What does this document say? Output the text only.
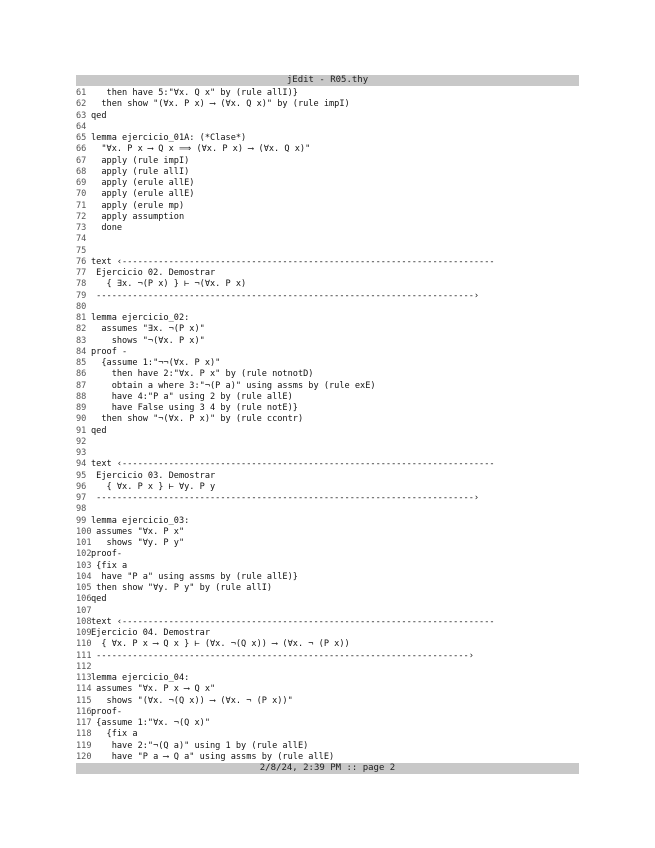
jEdit - R05.thy
61 then have 5:"∀x. Q x" by (rule allI)}
62 then show "(∀x. P x) ⟶ (∀x. Q x)" by (rule impI)
63 qed
64
65 lemma ejercicio_01A: (*Clase*)
66 "∀x. P x ⟶ Q x ⟹ (∀x. P x) ⟶ (∀x. Q x)"
67 apply (rule impI)
68 apply (rule allI)
69 apply (erule allE)
70 apply (erule allE)
71 apply (erule mp)
72 apply assumption
73 done
74
75
76 text ‹------------------------------------------------------------------------
77 Ejercicio 02. Demostrar
78 { ∃x. ¬(P x) } ⊢ ¬(∀x. P x)
79 -------------------------------------------------------------------------›
80
81 lemma ejercicio_02:
82 assumes "∃x. ¬(P x)"
83 shows "¬(∀x. P x)"
84 proof -
85 {assume 1:"¬¬(∀x. P x)"
86 then have 2:"∀x. P x" by (rule notnotD)
87 obtain a where 3:"¬(P a)" using assms by (rule exE)
88 have 4:"P a" using 2 by (rule allE)
89 have False using 3 4 by (rule notE)}
90 then show "¬(∀x. P x)" by (rule ccontr)
91 qed
92
93
94 text ‹------------------------------------------------------------------------
95 Ejercicio 03. Demostrar
96 { ∀x. P x } ⊢ ∀y. P y
97 -------------------------------------------------------------------------›
98
99 lemma ejercicio_03:
100 assumes "∀x. P x"
101 shows "∀y. P y"
102 proof-
103 {fix a
104 have "P a" using assms by (rule allE)}
105 then show "∀y. P y" by (rule allI)
106 qed
107
108 text ‹------------------------------------------------------------------------
109 Ejercicio 04. Demostrar
110 { ∀x. P x ⟶ Q x } ⊢ (∀x. ¬(Q x)) ⟶ (∀x. ¬ (P x))
111 ------------------------------------------------------------------------›
112
113 lemma ejercicio_04:
114 assumes "∀x. P x ⟶ Q x"
115 shows "(∀x. ¬(Q x)) ⟶ (∀x. ¬ (P x))"
116 proof-
117 {assume 1:"∀x. ¬(Q x)"
118 {fix a
119 have 2:"¬(Q a)" using 1 by (rule allE)
120 have "P a ⟶ Q a" using assms by (rule allE)
2/8/24, 2:39 PM :: page 2
